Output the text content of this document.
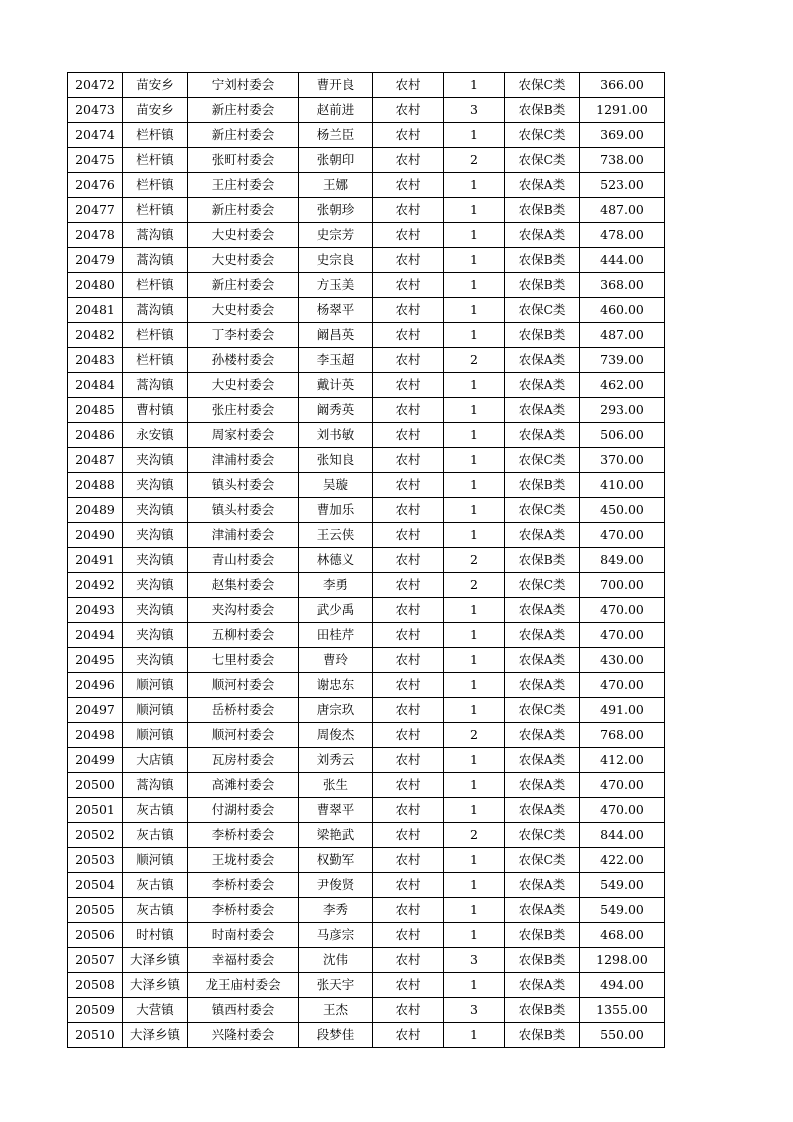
20472	苗安乡	宁刘村委会	曹开良	农村	1	农保C类	366.00
20473	苗安乡	新庄村委会	赵前进	农村	3	农保B类	1291.00
20474	栏杆镇	新庄村委会	杨兰臣	农村	1	农保C类	369.00
20475	栏杆镇	张町村委会	张朝印	农村	2	农保C类	738.00
20476	栏杆镇	王庄村委会	王娜	农村	1	农保A类	523.00
20477	栏杆镇	新庄村委会	张朝珍	农村	1	农保B类	487.00
20478	蒿沟镇	大史村委会	史宗芳	农村	1	农保A类	478.00
20479	蒿沟镇	大史村委会	史宗良	农村	1	农保B类	444.00
20480	栏杆镇	新庄村委会	方玉美	农村	1	农保B类	368.00
20481	蒿沟镇	大史村委会	杨翠平	农村	1	农保C类	460.00
20482	栏杆镇	丁李村委会	阚昌英	农村	1	农保B类	487.00
20483	栏杆镇	孙楼村委会	李玉超	农村	2	农保A类	739.00
20484	蒿沟镇	大史村委会	戴计英	农村	1	农保A类	462.00
20485	曹村镇	张庄村委会	阚秀英	农村	1	农保A类	293.00
20486	永安镇	周家村委会	刘书敏	农村	1	农保A类	506.00
20487	夹沟镇	津浦村委会	张知良	农村	1	农保C类	370.00
20488	夹沟镇	镇头村委会	吴璇	农村	1	农保B类	410.00
20489	夹沟镇	镇头村委会	曹加乐	农村	1	农保C类	450.00
20490	夹沟镇	津浦村委会	王云侠	农村	1	农保A类	470.00
20491	夹沟镇	青山村委会	林德义	农村	2	农保B类	849.00
20492	夹沟镇	赵集村委会	李勇	农村	2	农保C类	700.00
20493	夹沟镇	夹沟村委会	武少禹	农村	1	农保A类	470.00
20494	夹沟镇	五柳村委会	田桂芹	农村	1	农保A类	470.00
20495	夹沟镇	七里村委会	曹玲	农村	1	农保A类	430.00
20496	顺河镇	顺河村委会	谢忠东	农村	1	农保A类	470.00
20497	顺河镇	岳桥村委会	唐宗玖	农村	1	农保C类	491.00
20498	顺河镇	顺河村委会	周俊杰	农村	2	农保A类	768.00
20499	大店镇	瓦房村委会	刘秀云	农村	1	农保A类	412.00
20500	蒿沟镇	高滩村委会	张生	农村	1	农保A类	470.00
20501	灰古镇	付湖村委会	曹翠平	农村	1	农保A类	470.00
20502	灰古镇	李桥村委会	梁艳武	农村	2	农保C类	844.00
20503	顺河镇	王垅村委会	权勤军	农村	1	农保C类	422.00
20504	灰古镇	李桥村委会	尹俊贤	农村	1	农保A类	549.00
20505	灰古镇	李桥村委会	李秀	农村	1	农保A类	549.00
20506	时村镇	时南村委会	马彦宗	农村	1	农保B类	468.00
20507	大泽乡镇	幸福村委会	沈伟	农村	3	农保B类	1298.00
20508	大泽乡镇	龙王庙村委会	张天宇	农村	1	农保A类	494.00
20509	大营镇	镇西村委会	王杰	农村	3	农保B类	1355.00
20510	大泽乡镇	兴隆村委会	段梦佳	农村	1	农保B类	550.00
